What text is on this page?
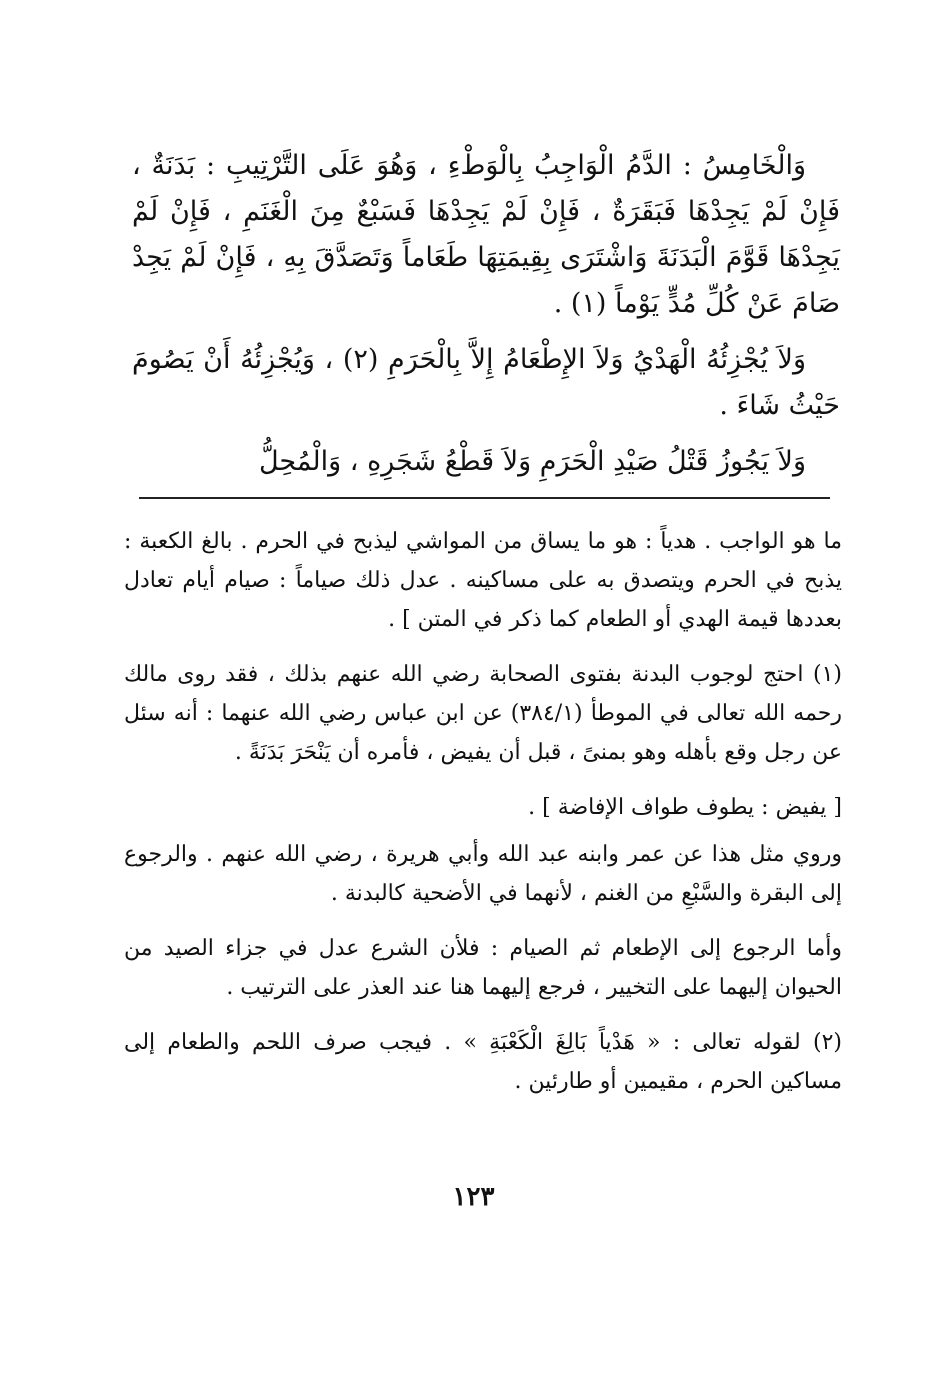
وَالْخَامِسُ : الدَّمُ الْوَاجِبُ بِالْوَطْءِ ، وَهُوَ عَلَى التَّرْتِيبِ : بَدَنَةٌ ، فَإِنْ لَمْ يَجِدْهَا فَبَقَرَةٌ ، فَإِنْ لَمْ يَجِدْهَا فَسَبْعٌ مِنَ الْغَنَمِ ، فَإِنْ لَمْ يَجِدْهَا قَوَّمَ الْبَدَنَةَ وَاشْتَرَى بِقِيمَتِهَا طَعَاماً وَتَصَدَّقَ بِهِ ، فَإِنْ لَمْ يَجِدْ صَامَ عَنْ كُلِّ مُدٍّ يَوْماً (١) .

وَلاَ يُجْزِئُهُ الْهَدْيُ وَلاَ الإِطْعَامُ إِلاَّ بِالْحَرَمِ (٢) ، وَيُجْزِئُهُ أَنْ يَصُومَ حَيْثُ شَاءَ .

وَلاَ يَجُوزُ قَتْلُ صَيْدِ الْحَرَمِ وَلاَ قَطْعُ شَجَرِهِ ، وَالْمُحِلُّ

ما هو الواجب . هدياً : هو ما يساق من المواشي ليذبح في الحرم . بالغ الكعبة : يذبح في الحرم ويتصدق به على مساكينه . عدل ذلك صياماً : صيام أيام تعادل بعددها قيمة الهدي أو الطعام كما ذكر في المتن ] .

(١) احتج لوجوب البدنة بفتوى الصحابة رضي الله عنهم بذلك ، فقد روى مالك رحمه الله تعالى في الموطأ (٣٨٤/١) عن ابن عباس رضي الله عنهما : أنه سئل عن رجل وقع بأهله وهو بمنىً ، قبل أن يفيض ، فأمره أن يَنْحَرَ بَدَنَةً .

[ يفيض : يطوف طواف الإفاضة ] .

وروي مثل هذا عن عمر وابنه عبد الله وأبي هريرة ، رضي الله عنهم . والرجوع إلى البقرة والسَّبْعِ من الغنم ، لأنهما في الأضحية كالبدنة .

وأما الرجوع إلى الإطعام ثم الصيام : فلأن الشرع عدل في جزاء الصيد من الحيوان إليهما على التخيير ، فرجع إليهما هنا عند العذر على الترتيب .

(٢) لقوله تعالى : « هَدْياً بَالِغَ الْكَعْبَةِ » . فيجب صرف اللحم والطعام إلى مساكين الحرم ، مقيمين أو طارئين .

١٢٣
